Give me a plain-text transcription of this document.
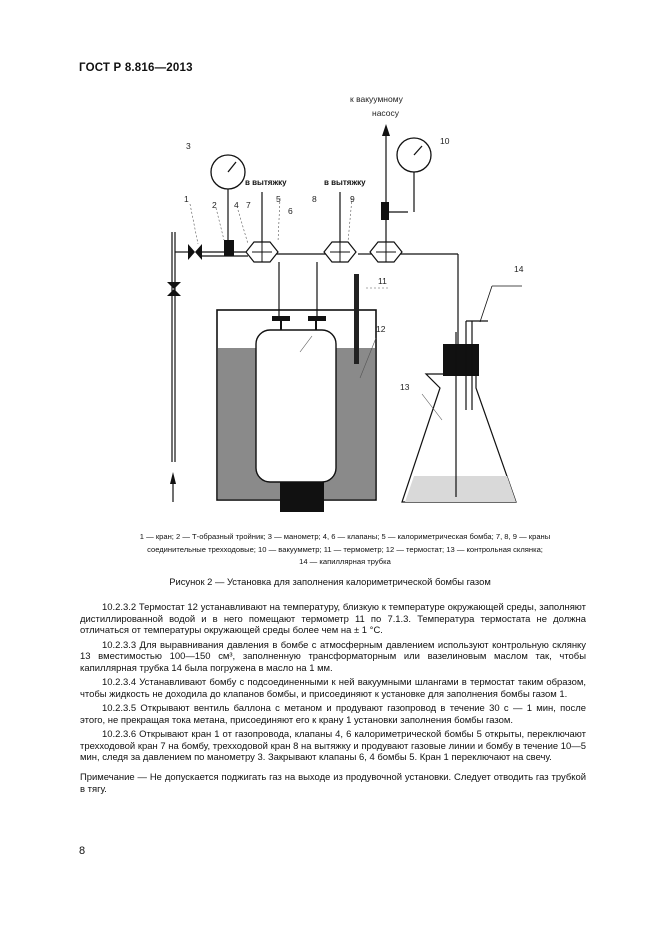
ГОСТ Р 8.816—2013
к вакуумному
насосу
в вытяжку	в вытяжку
1
2
3
4
5
6
7
8	9
10
11
12
13
14
1 — кран; 2 — Т-образный тройник; 3 — манометр; 4, 6 — клапаны; 5 — калориметрическая бомба; 7, 8, 9 — краны
соединительные трехходовые; 10 — вакуумметр; 11 — термометр; 12 — термостат; 13 — контрольная склянка;
14 — капиллярная трубка
Рисунок 2 — Установка для заполнения калориметрической бомбы газом

10.2.3.2 Термостат 12 устанавливают на температуру, близкую к температуре окружающей среды, заполняют дистиллированной водой и в него помещают термометр 11 по 7.1.3. Температура термостата не должна отличаться от температуры окружающей среды более чем на ± 1 °С.

10.2.3.3 Для выравнивания давления в бомбе с атмосферным давлением используют контрольную склянку 13 вместимостью 100—150 см³, заполненную трансформаторным или вазелиновым маслом так, чтобы капиллярная трубка 14 была погружена в масло на 1 мм.

10.2.3.4 Устанавливают бомбу с подсоединенными к ней вакуумными шлангами в термостат таким образом, чтобы жидкость не доходила до клапанов бомбы, и присоединяют к установке для заполнения бомбы газом 1.

10.2.3.5 Открывают вентиль баллона с метаном и продувают газопровод в течение 30 с — 1 мин, после этого, не прекращая тока метана, присоединяют его к крану 1 установки заполнения бомбы газом.

10.2.3.6 Открывают кран 1 от газопровода, клапаны 4, 6 калориметрической бомбы 5 открыты, переключают трехходовой кран 7 на бомбу, трехходовой кран 8 на вытяжку и продувают газовые линии и бомбу в течение 10—5 мин, следя за давлением по манометру 3. Закрывают клапаны 6, 4 бомбы 5. Кран 1 переключают на свечу.

Примечание — Не допускается поджигать газ на выходе из продувочной установки. Следует отводить газ трубкой в тягу.

8
